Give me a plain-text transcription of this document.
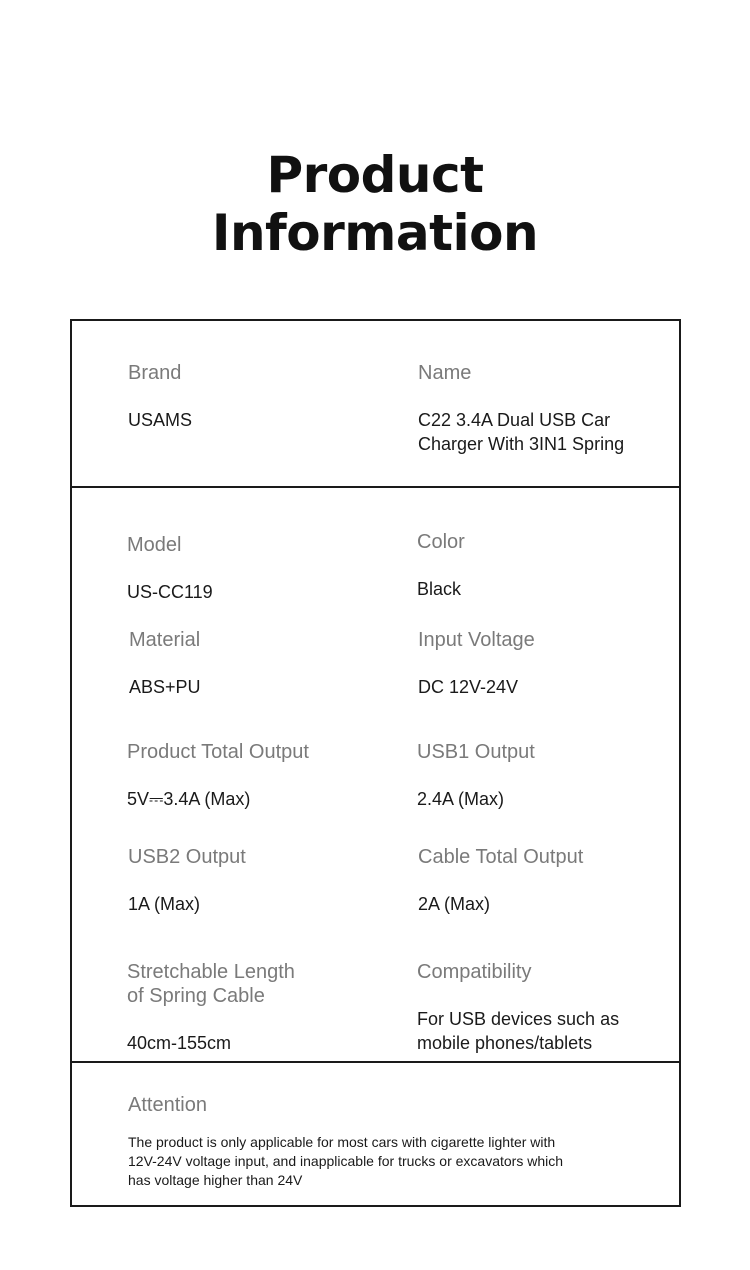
Product
Information
Brand
USAMS
Name
C22 3.4A Dual USB Car
Charger With 3IN1 Spring
Model
US-CC119
Color
Black
Material
ABS+PU
Input Voltage
DC 12V-24V
Product Total Output
5V⎓3.4A (Max)
USB1 Output
2.4A (Max)
USB2 Output
1A (Max)
Cable Total Output
2A (Max)
Stretchable Length
of Spring Cable
40cm-155cm
Compatibility
For USB devices such as
mobile phones/tablets
Attention
The product is only applicable for most cars with cigarette lighter with
12V-24V voltage input, and inapplicable for trucks or excavators which
has voltage higher than 24V
